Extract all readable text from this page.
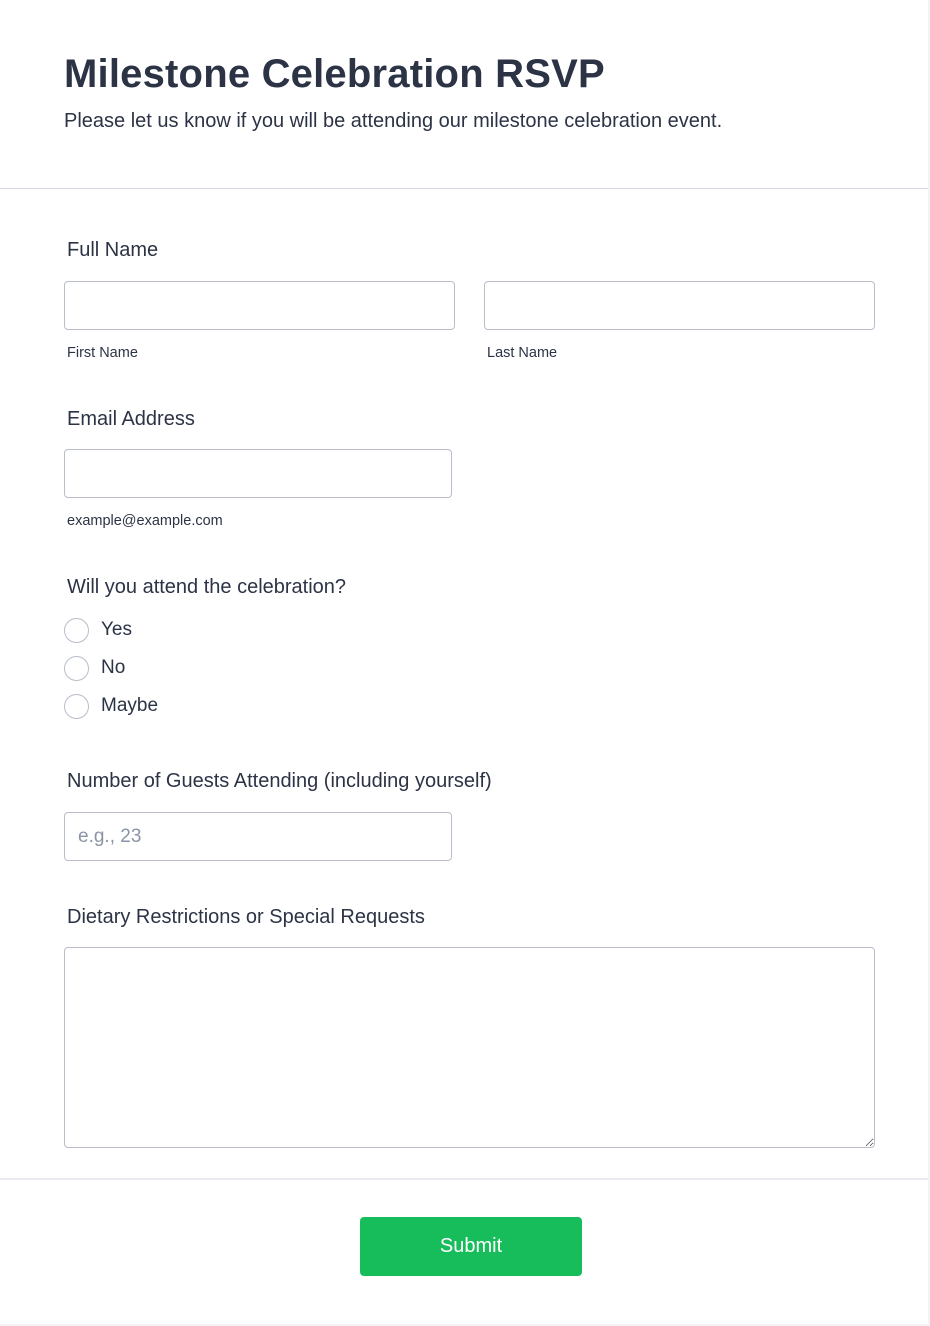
Milestone Celebration RSVP

Please let us know if you will be attending our milestone celebration event.

Full Name
First Name	Last Name
Email Address
example@example.com
Will you attend the celebration?
Yes
No
Maybe
Number of Guests Attending (including yourself)
e.g., 23
Dietary Restrictions or Special Requests
Submit
